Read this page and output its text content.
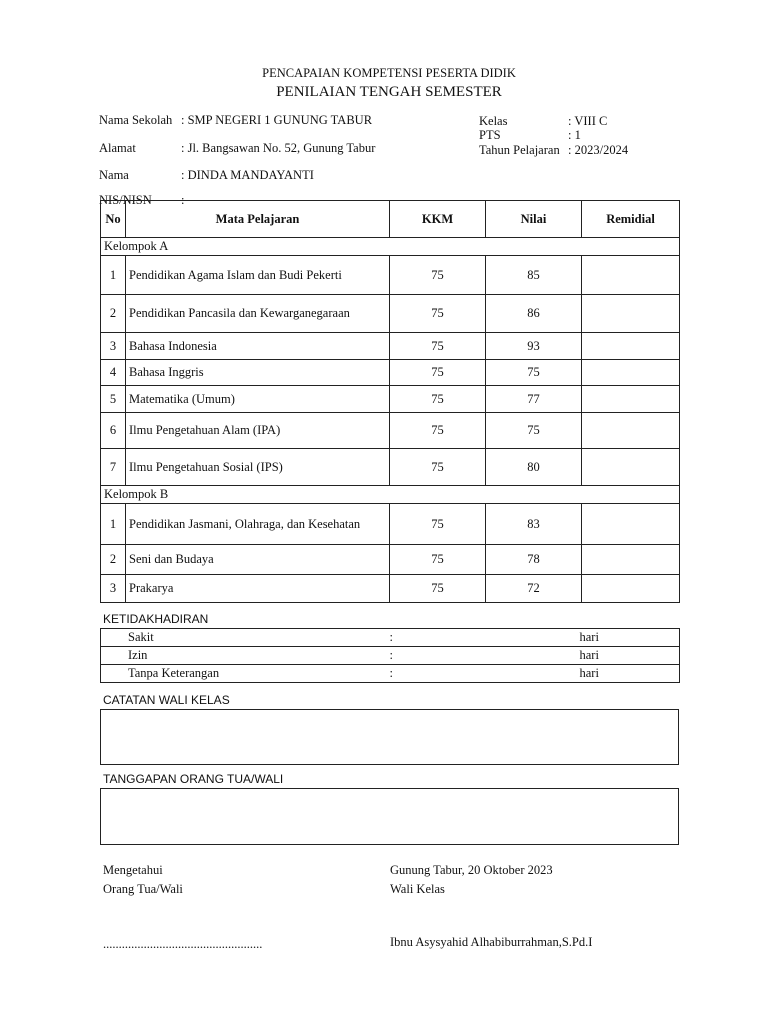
PENCAPAIAN KOMPETENSI PESERTA DIDIK
PENILAIAN TENGAH SEMESTER
Nama Sekolah : SMP NEGERI 1 GUNUNG TABUR
Alamat	: Jl. Bangsawan No. 52, Gunung Tabur
Nama	: DINDA MANDAYANTI
NIS/NISN :
Kelas	: VIII C
PTS	: 1
Tahun Pelajaran : 2023/2024
No	Mata Pelajaran	KKM	Nilai	Remidial
Kelompok A				
1	Pendidikan Agama Islam dan Budi Pekerti	75	85	
2	Pendidikan Pancasila dan Kewarganegaraan	75	86	
3	Bahasa Indonesia	75	93	
4	Bahasa Inggris	75	75	
5	Matematika (Umum)	75	77	
6	Ilmu Pengetahuan Alam (IPA)	75	75	
7	Ilmu Pengetahuan Sosial (IPS)	75	80	
Kelompok B				
1	Pendidikan Jasmani, Olahraga, dan Kesehatan	75	83	
2	Seni dan Budaya	75	78	
3	Prakarya	75	72	
KETIDAKHADIRAN
Sakit	:	hari
Izin	:	hari
Tanpa Keterangan	:	hari
CATATAN WALI KELAS
TANGGAPAN ORANG TUA/WALI
Mengetahui
Orang Tua/Wali
...................................................
Gunung Tabur, 20 Oktober 2023
Wali Kelas
Ibnu Asysyahid Alhabiburrahman,S.Pd.I
